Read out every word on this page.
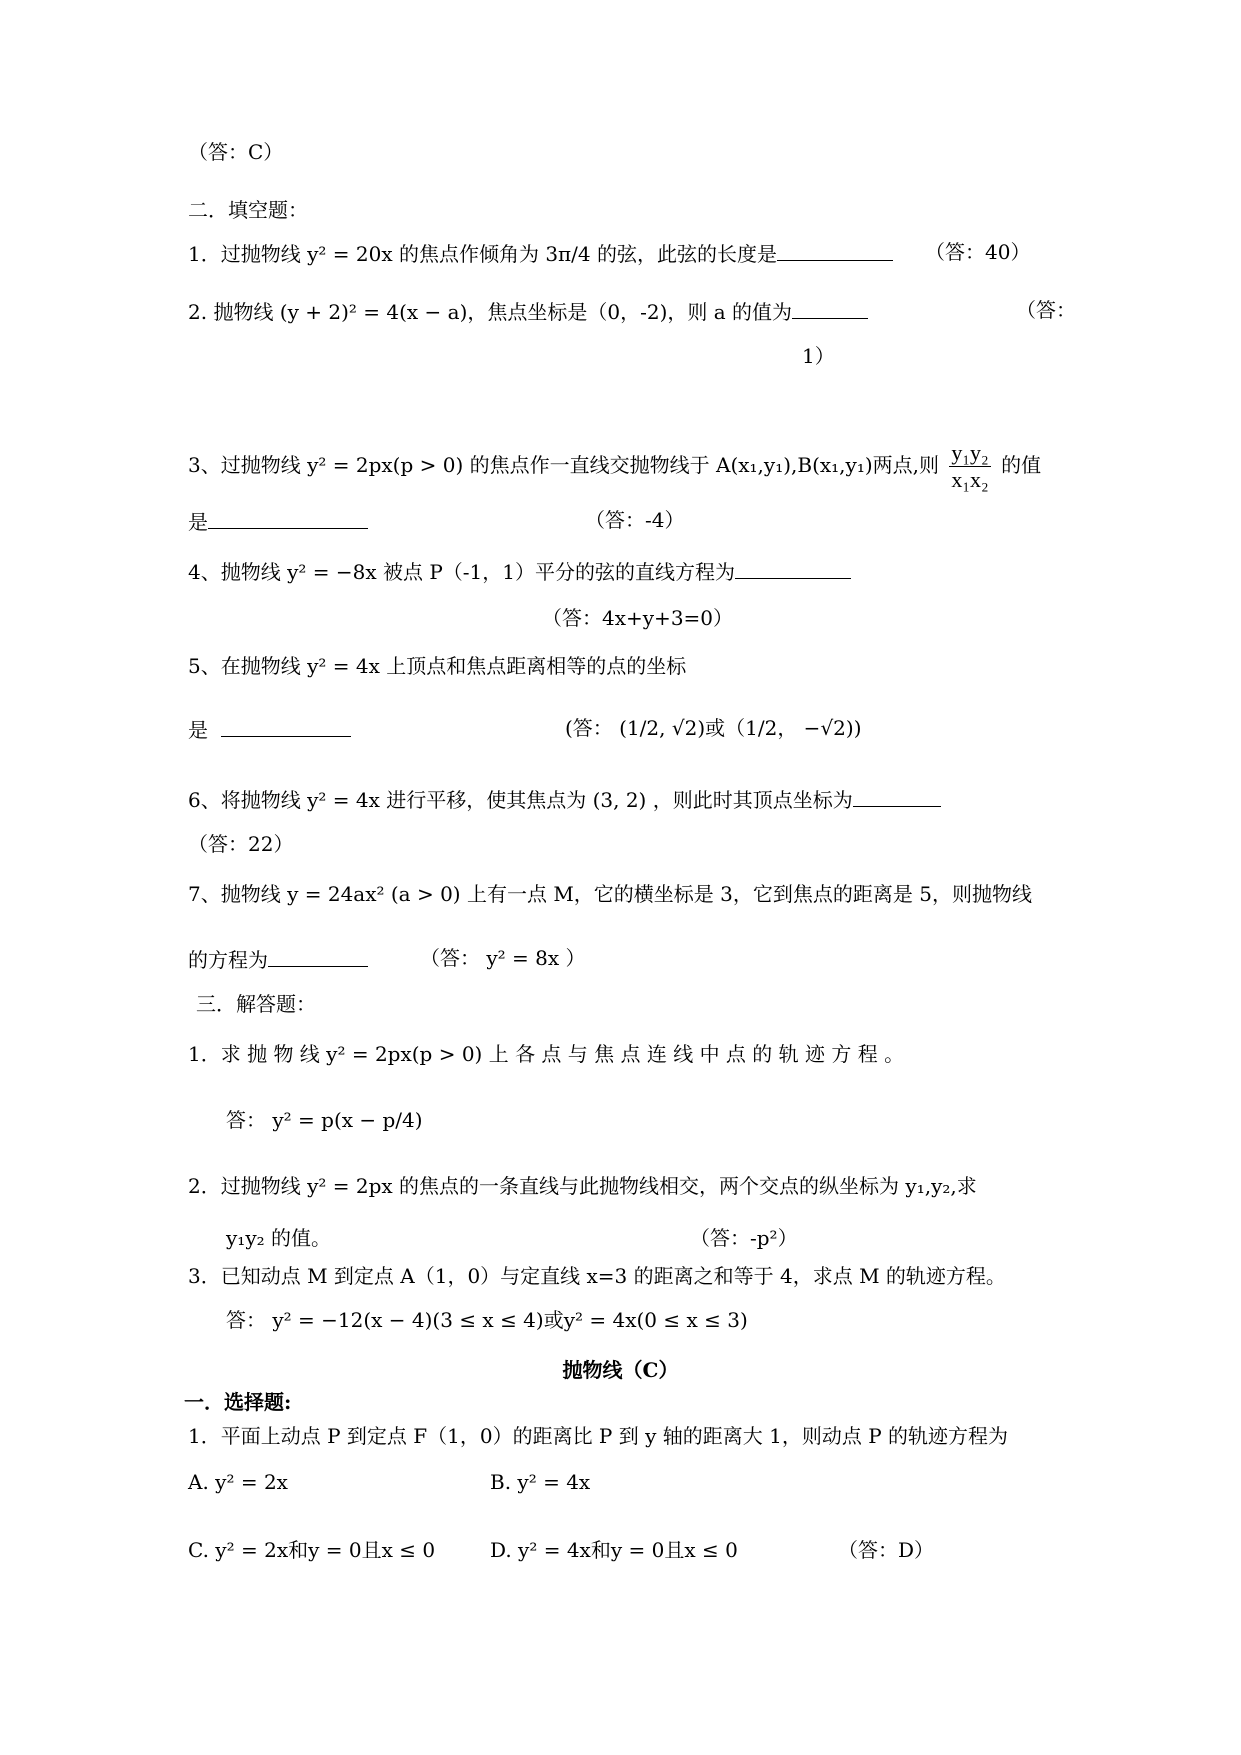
（答：C）
二．填空题：
1．过抛物线 y² = 20x 的焦点作倾角为 3π/4 的弦，此弦的长度是	（答：40）
2. 抛物线 (y + 2)² = 4(x − a)，焦点坐标是（0，-2)，则 a 的值为	（答：
1）
3、过抛物线 y² = 2px(p > 0) 的焦点作一直线交抛物线于 A(x₁,y₁),B(x₁,y₁)两点,则 $\frac{\text{y₁y₂}}{\text{x₁x₂}}$ 的值
是	（答：-4）
4、抛物线 y² = −8x 被点 P（-1，1）平分的弦的直线方程为
（答：4x+y+3=0）
5、在抛物线 y² = 4x 上顶点和焦点距离相等的点的坐标
是	(答： (1/2, √2)或（1/2， −√2))
6、将抛物线 y² = 4x 进行平移，使其焦点为 (3, 2) ，则此时其顶点坐标为
（答：22）
7、抛物线 y = 24ax² (a > 0) 上有一点 M，它的横坐标是 3，它到焦点的距离是 5，则抛物线
的方程为	（答： y² = 8x ）
三．解答题：
1．求 抛 物 线 y² = 2px(p > 0) 上 各 点 与 焦 点 连 线 中 点 的 轨 迹 方 程 。
答： y² = p(x − p/4)
2．过抛物线 y² = 2px 的焦点的一条直线与此抛物线相交，两个交点的纵坐标为 y₁,y₂,求
y₁y₂ 的值。	（答：-p²）
3．已知动点 M 到定点 A（1，0）与定直线 x=3 的距离之和等于 4，求点 M 的轨迹方程。
答： y² = −12(x − 4)(3 ≤ x ≤ 4)或y² = 4x(0 ≤ x ≤ 3)
抛物线（C）
一．选择题:
1．平面上动点 P 到定点 F（1，0）的距离比 P 到 y 轴的距离大 1，则动点 P 的轨迹方程为
A. y² = 2x	B. y² = 4x
C. y² = 2x和y = 0且x ≤ 0	D. y² = 4x和y = 0且x ≤ 0	（答：D）
